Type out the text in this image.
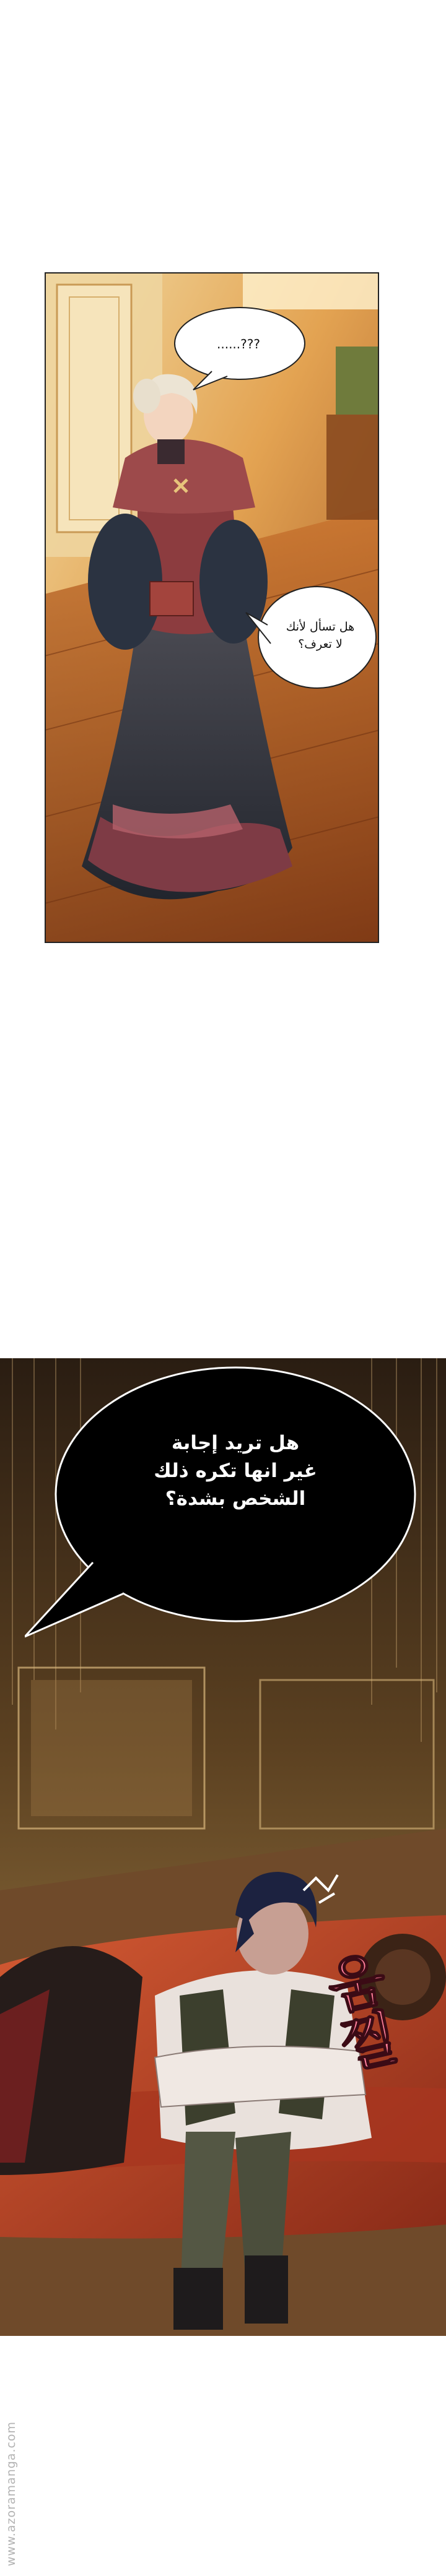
......???
هل تسأل لأنك
لا تعرف؟
هل تريد إجابة
غير انها تكره ذلك
الشخص بشدة؟
움찔
www.azoramanga.com
